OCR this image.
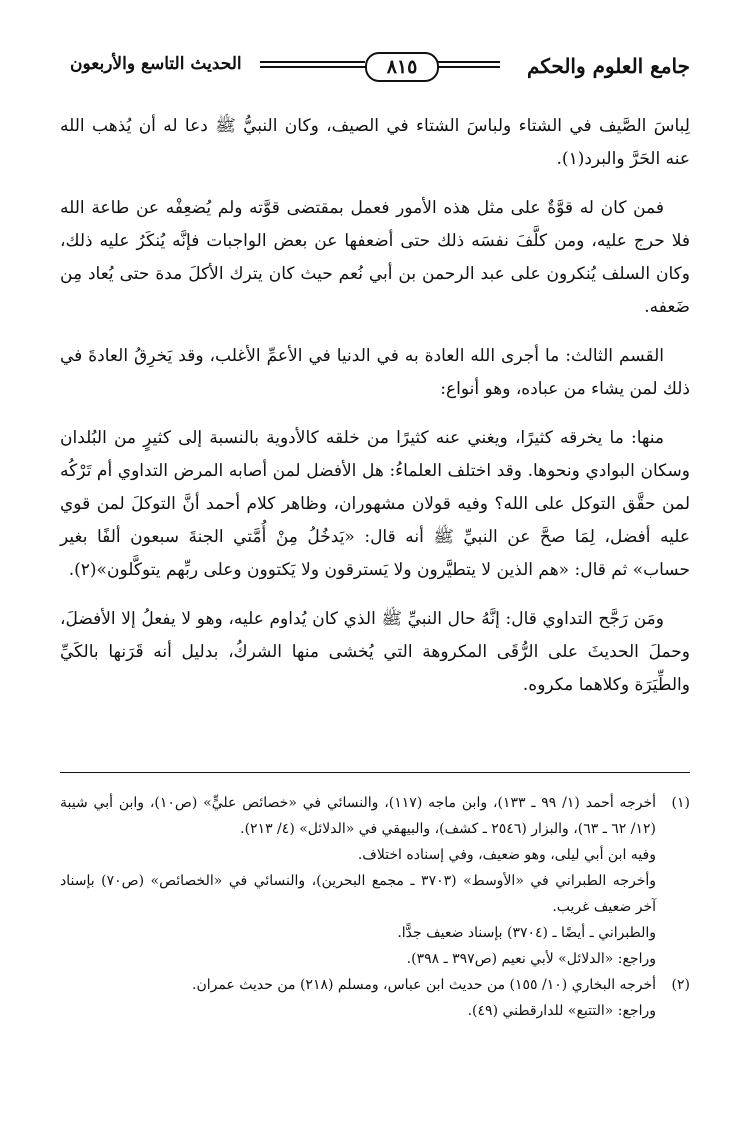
جامع العلوم والحكم
٨١٥
الحديث التاسع والأربعون

لِباسَ الصَّيف في الشتاء ولباسَ الشتاء في الصيف، وكان النبيُّ ﷺ دعا له أن يُذهب الله عنه الحَرَّ والبرد(١).

فمن كان له قوَّةٌ على مثل هذه الأمور فعمل بمقتضى قوَّته ولم يُضعِفْه عن طاعة الله فلا حرج عليه، ومن كلَّفَ نفسَه ذلك حتى أضعفها عن بعض الواجبات فإنَّه يُنكَرُ عليه ذلك، وكان السلف يُنكرون على عبد الرحمن بن أبي نُعم حيث كان يترك الأكلَ مدة حتى يُعاد مِن ضَعفه.

القسم الثالث: ما أجرى الله العادة به في الدنيا في الأعمِّ الأغلب، وقد يَخرِقُ العادةَ في ذلك لمن يشاء من عباده، وهو أنواع:

منها: ما يخرقه كثيرًا، ويغني عنه كثيرًا من خلقه كالأدوية بالنسبة إلى كثيرٍ من البُلدان وسكان البوادي ونحوها. وقد اختلف العلماءُ: هل الأفضل لمن أصابه المرض التداوي أم تَرْكُه لمن حقَّق التوكل على الله؟ وفيه قولان مشهوران، وظاهر كلام أحمد أنَّ التوكلَ لمن قوي عليه أفضل، لِمَا صحَّ عن النبيِّ ﷺ أنه قال: «يَدخُلُ مِنْ أُمَّتي الجنةَ سبعون ألفًا بغير حساب» ثم قال: «هم الذين لا يتطيَّرون ولا يَسترقون ولا يَكتوون وعلى ربِّهم يتوكَّلون»(٢).

ومَن رَجَّح التداوي قال: إنَّهُ حال النبيِّ ﷺ الذي كان يُداوم عليه، وهو لا يفعلُ إلا الأفضلَ، وحملَ الحديثَ على الرُّقَى المكروهة التي يُخشى منها الشركُ، بدليل أنه قَرَنها بالكَيِّ والطِّيَرَة وكلاهما مكروه.

(١)

أخرجه أحمد (١/ ٩٩ ـ ١٣٣)، وابن ماجه (١١٧)، والنسائي في «خصائص عليٍّ» (ص١٠)، وابن أبي شيبة (١٢/ ٦٢ ـ ٦٣)، والبزار (٢٥٤٦ ـ كشف)، والبيهقي في «الدلائل» (٤/ ٢١٣).

وفيه ابن أبي ليلى، وهو ضعيف، وفي إسناده اختلاف.

وأخرجه الطبراني في «الأوسط» (٣٧٠٣ ـ مجمع البحرين)، والنسائي في «الخصائص» (ص٧٠) بإسناد آخر ضعيف غريب.

والطبراني ـ أيضًا ـ (٣٧٠٤) بإسناد ضعيف جدًّا.

وراجع: «الدلائل» لأبي نعيم (ص٣٩٧ ـ ٣٩٨).

(٢)

أخرجه البخاري (١٠/ ١٥٥) من حديث ابن عباس، ومسلم (٢١٨) من حديث عمران.

وراجع: «التتبع» للدارقطني (٤٩).
